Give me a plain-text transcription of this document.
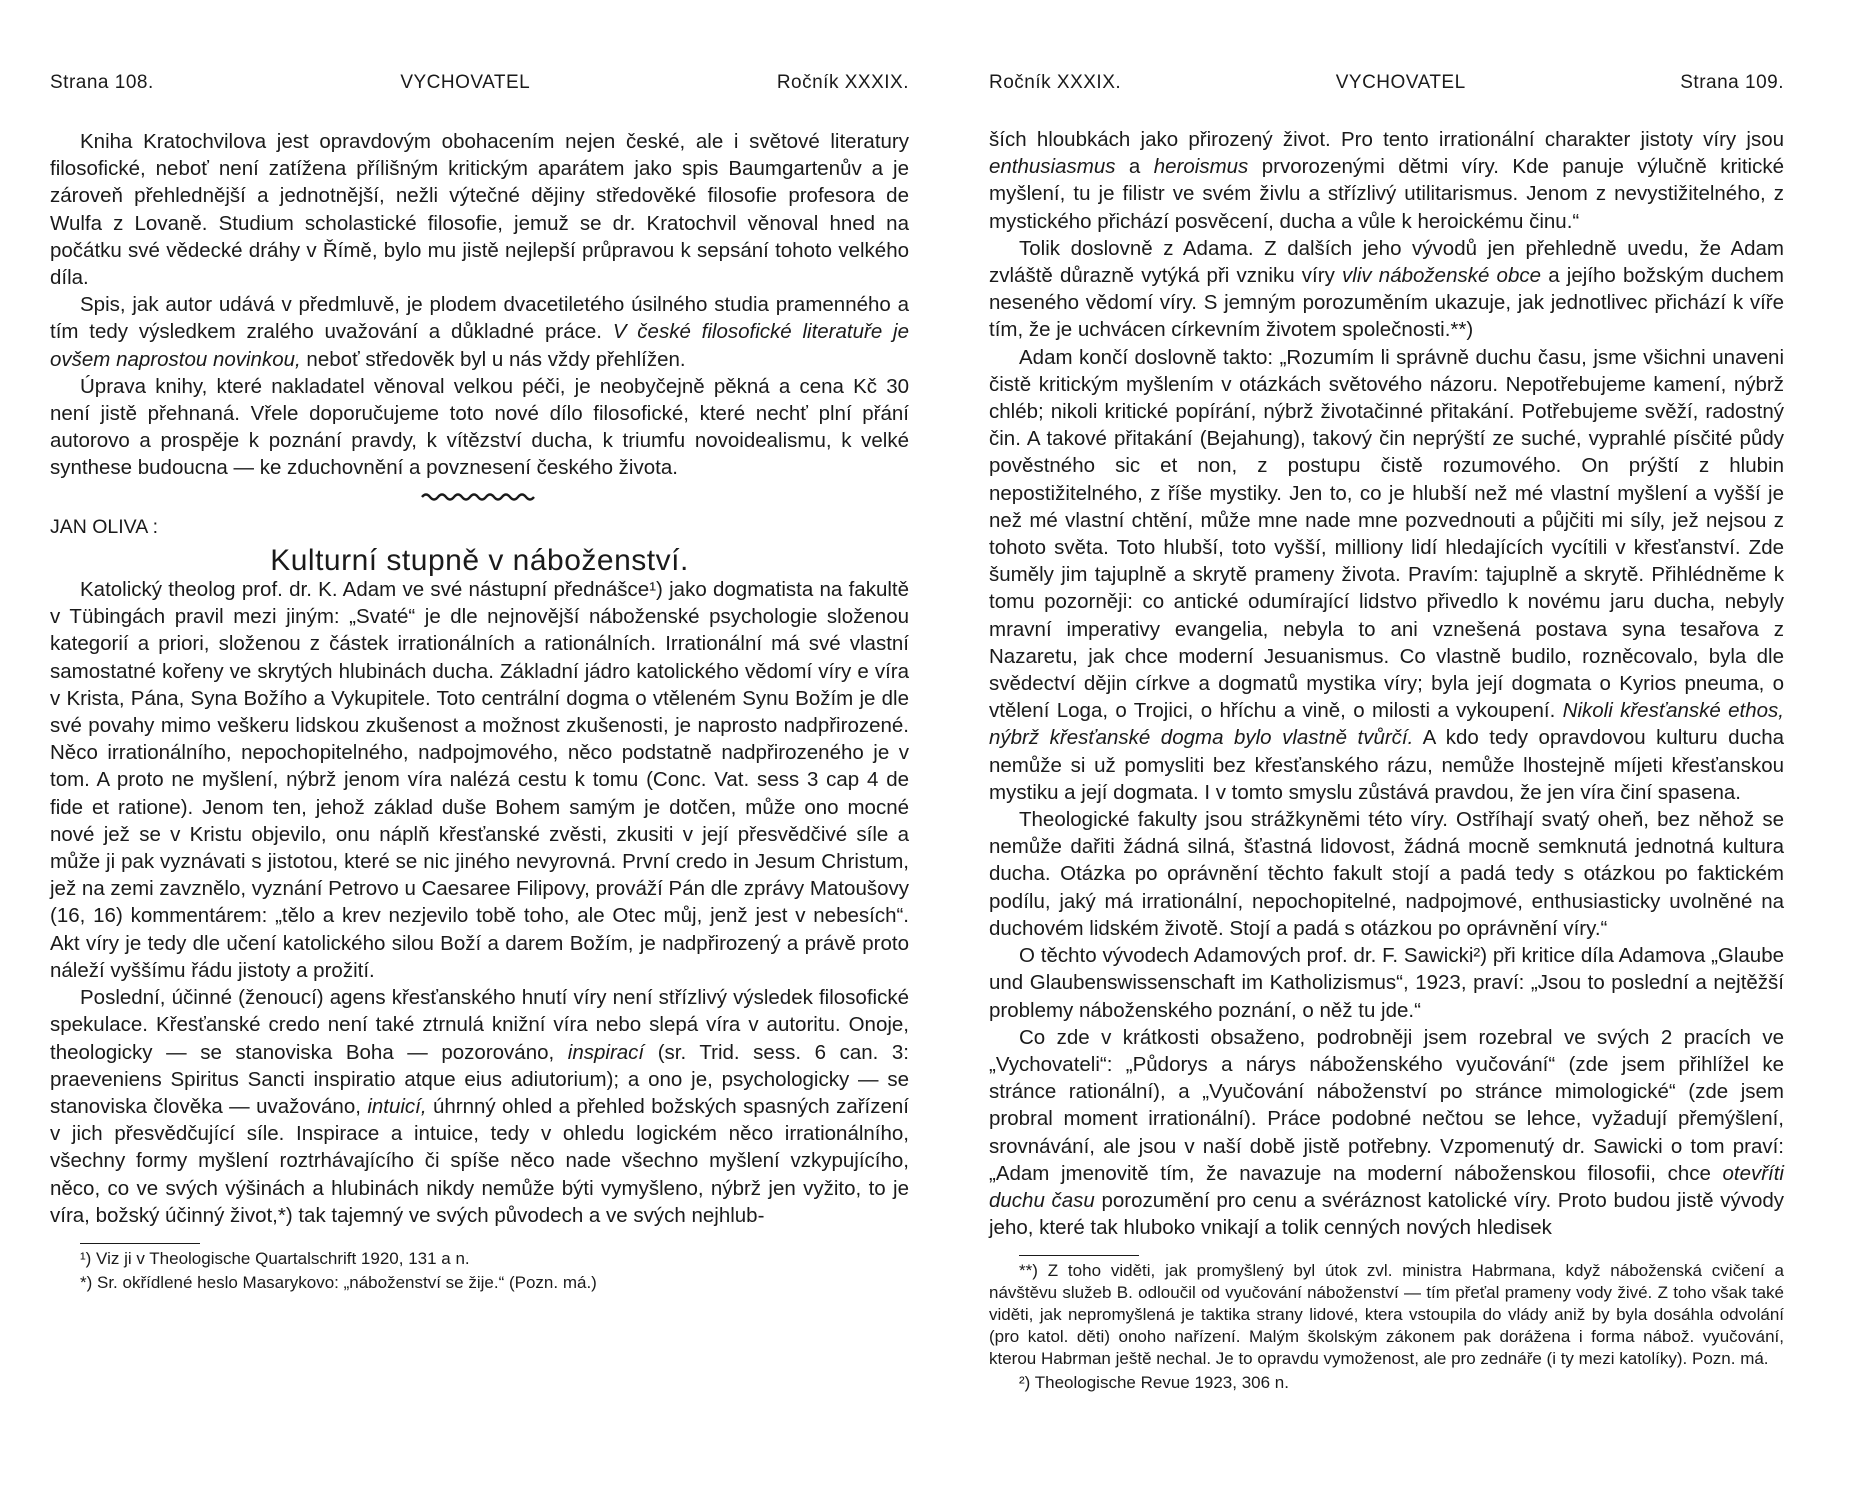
Strana 108.	VYCHOVATEL	Ročník XXXIX.

Kniha Kratochvilova jest opravdovým obohacením nejen české, ale i světové literatury filosofické, neboť není zatížena přílišným kritickým aparátem jako spis Baumgartenův a je zároveň přehlednější a jednotnější, nežli výtečné dějiny středověké filosofie profesora de Wulfa z Lovaně. Studium scholastické filosofie, jemuž se dr. Kratochvil věnoval hned na počátku své vědecké dráhy v Římě, bylo mu jistě nejlepší průpravou k sepsání tohoto velkého díla.

Spis, jak autor udává v předmluvě, je plodem dvacetiletého úsilného studia pramenného a tím tedy výsledkem zralého uvažování a důkladné práce. V české filosofické literatuře je ovšem naprostou novinkou, neboť středověk byl u nás vždy přehlížen.

Úprava knihy, které nakladatel věnoval velkou péči, je neobyčejně pěkná a cena Kč 30 není jistě přehnaná. Vřele doporučujeme toto nové dílo filosofické, které nechť plní přání autorovo a prospěje k poznání pravdy, k vítězství ducha, k triumfu novoidealismu, k velké synthese budoucna — ke zduchovnění a povznesení českého života.

JAN OLIVA :
Kulturní stupně v náboženství.

Katolický theolog prof. dr. K. Adam ve své nástupní přednášce¹) jako dogmatista na fakultě v Tübingách pravil mezi jiným: „Svaté“ je dle nejnovější náboženské psychologie složenou kategorií a priori, složenou z částek irrationálních a rationálních. Irrationální má své vlastní samostatné kořeny ve skrytých hlubinách ducha. Základní jádro katolického vědomí víry e víra v Krista, Pána, Syna Božího a Vykupitele. Toto centrální dogma o vtěleném Synu Božím je dle své povahy mimo veškeru lidskou zkušenost a možnost zkušenosti, je naprosto nadpřirozené. Něco irrationálního, nepochopitelného, nadpojmového, něco podstatně nadpřirozeného je v tom. A proto ne myšlení, nýbrž jenom víra nalézá cestu k tomu (Conc. Vat. sess 3 cap 4 de fide et ratione). Jenom ten, jehož základ duše Bohem samým je dotčen, může ono mocné nové jež se v Kristu objevilo, onu náplň křesťanské zvěsti, zkusiti v její přesvědčivé síle a může ji pak vyznávati s jistotou, které se nic jiného nevyrovná. První credo in Jesum Christum, jež na zemi zavznělo, vyznání Petrovo u Caesaree Filipovy, prováží Pán dle zprávy Matoušovy (16, 16) kommentárem: „tělo a krev nezjevilo tobě toho, ale Otec můj, jenž jest v nebesích“. Akt víry je tedy dle učení katolického silou Boží a darem Božím, je nadpřirozený a právě proto náleží vyššímu řádu jistoty a prožití.

Poslední, účinné (ženoucí) agens křesťanského hnutí víry není střízlivý výsledek filosofické spekulace. Křesťanské credo není také ztrnulá knižní víra nebo slepá víra v autoritu. Onoje, theologicky — se stanoviska Boha — pozorováno, inspirací (sr. Trid. sess. 6 can. 3: praeveniens Spiritus Sancti inspiratio atque eius adiutorium); a ono je, psychologicky — se stanoviska člověka — uvažováno, intuicí, úhrnný ohled a přehled božských spasných zařízení v jich přesvědčující síle. Inspirace a intuice, tedy v ohledu logickém něco irrationálního, všechny formy myšlení roztrhávajícího či spíše něco nade všechno myšlení vzkypujícího, něco, co ve svých výšinách a hlubinách nikdy nemůže býti vymyšleno, nýbrž jen vyžito, to je víra, božský účinný život,*) tak tajemný ve svých původech a ve svých nejhlub-

¹) Viz ji v Theologische Quartalschrift 1920, 131 a n.

*) Sr. okřídlené heslo Masarykovo: „náboženství se žije.“ (Pozn. má.)

Ročník XXXIX.	VYCHOVATEL	Strana 109.

ších hloubkách jako přirozený život. Pro tento irrationální charakter jistoty víry jsou enthusiasmus a heroismus prvorozenými dětmi víry. Kde panuje výlučně kritické myšlení, tu je filistr ve svém živlu a střízlivý utilitarismus. Jenom z nevystižitelného, z mystického přichází posvěcení, ducha a vůle k heroickému činu.“

Tolik doslovně z Adama. Z dalších jeho vývodů jen přehledně uvedu, že Adam zvláště důrazně vytýká při vzniku víry vliv náboženské obce a jejího božským duchem neseného vědomí víry. S jemným porozuměním ukazuje, jak jednotlivec přichází k víře tím, že je uchvácen církevním životem společnosti.**)

Adam končí doslovně takto: „Rozumím li správně duchu času, jsme všichni unaveni čistě kritickým myšlením v otázkách světového názoru. Nepotřebujeme kamení, nýbrž chléb; nikoli kritické popírání, nýbrž životačinné přitakání. Potřebujeme svěží, radostný čin. A takové přitakání (Bejahung), takový čin neprýští ze suché, vyprahlé písčité půdy pověstného sic et non, z postupu čistě rozumového. On prýští z hlubin nepostižitelného, z říše mystiky. Jen to, co je hlubší než mé vlastní myšlení a vyšší je než mé vlastní chtění, může mne nade mne pozvednouti a půjčiti mi síly, jež nejsou z tohoto světa. Toto hlubší, toto vyšší, milliony lidí hledajících vycítili v křesťanství. Zde šuměly jim tajuplně a skrytě prameny života. Pravím: tajuplně a skrytě. Přihlédněme k tomu pozorněji: co antické odumírající lidstvo přivedlo k novému jaru ducha, nebyly mravní imperativy evangelia, nebyla to ani vznešená postava syna tesařova z Nazaretu, jak chce moderní Jesuanismus. Co vlastně budilo, rozněcovalo, byla dle svědectví dějin církve a dogmatů mystika víry; byla její dogmata o Kyrios pneuma, o vtělení Loga, o Trojici, o hříchu a vině, o milosti a vykoupení. Nikoli křesťanské ethos, nýbrž křesťanské dogma bylo vlastně tvůrčí. A kdo tedy opravdovou kulturu ducha nemůže si už pomysliti bez křesťanského rázu, nemůže lhostejně míjeti křesťanskou mystiku a její dogmata. I v tomto smyslu zůstává pravdou, že jen víra činí spasena.

Theologické fakulty jsou strážkyněmi této víry. Ostříhají svatý oheň, bez něhož se nemůže dařiti žádná silná, šťastná lidovost, žádná mocně semknutá jednotná kultura ducha. Otázka po oprávnění těchto fakult stojí a padá tedy s otázkou po faktickém podílu, jaký má irrationální, nepochopitelné, nadpojmové, enthusiasticky uvolněné na duchovém lidském životě. Stojí a padá s otázkou po oprávnění víry.“

O těchto vývodech Adamových prof. dr. F. Sawicki²) při kritice díla Adamova „Glaube und Glaubenswissenschaft im Katholizismus“, 1923, praví: „Jsou to poslední a nejtěžší problemy náboženského poznání, o něž tu jde.“

Co zde v krátkosti obsaženo, podrobněji jsem rozebral ve svých 2 pracích ve „Vychovateli“: „Půdorys a nárys náboženského vyučování“ (zde jsem přihlížel ke stránce rationální), a „Vyučování náboženství po stránce mimologické“ (zde jsem probral moment irrationální). Práce podobné nečtou se lehce, vyžadují přemýšlení, srovnávání, ale jsou v naší době jistě potřebny. Vzpomenutý dr. Sawicki o tom praví: „Adam jmenovitě tím, že navazuje na moderní náboženskou filosofii, chce otevříti duchu času porozumění pro cenu a svéráznost katolické víry. Proto budou jistě vývody jeho, které tak hluboko vnikají a tolik cenných nových hledisek

**) Z toho viděti, jak promyšlený byl útok zvl. ministra Habrmana, když náboženská cvičení a návštěvu služeb B. odloučil od vyučování náboženství — tím přeťal prameny vody živé. Z toho však také viděti, jak nepromyšlená je taktika strany lidové, ktera vstoupila do vlády aniž by byla dosáhla odvolání (pro katol. děti) onoho nařízení. Malým školským zákonem pak dorážena i forma nábož. vyučování, kterou Habrman ještě nechal. Je to opravdu vymoženost, ale pro zednáře (i ty mezi katolíky). Pozn. má.

²) Theologische Revue 1923, 306 n.
